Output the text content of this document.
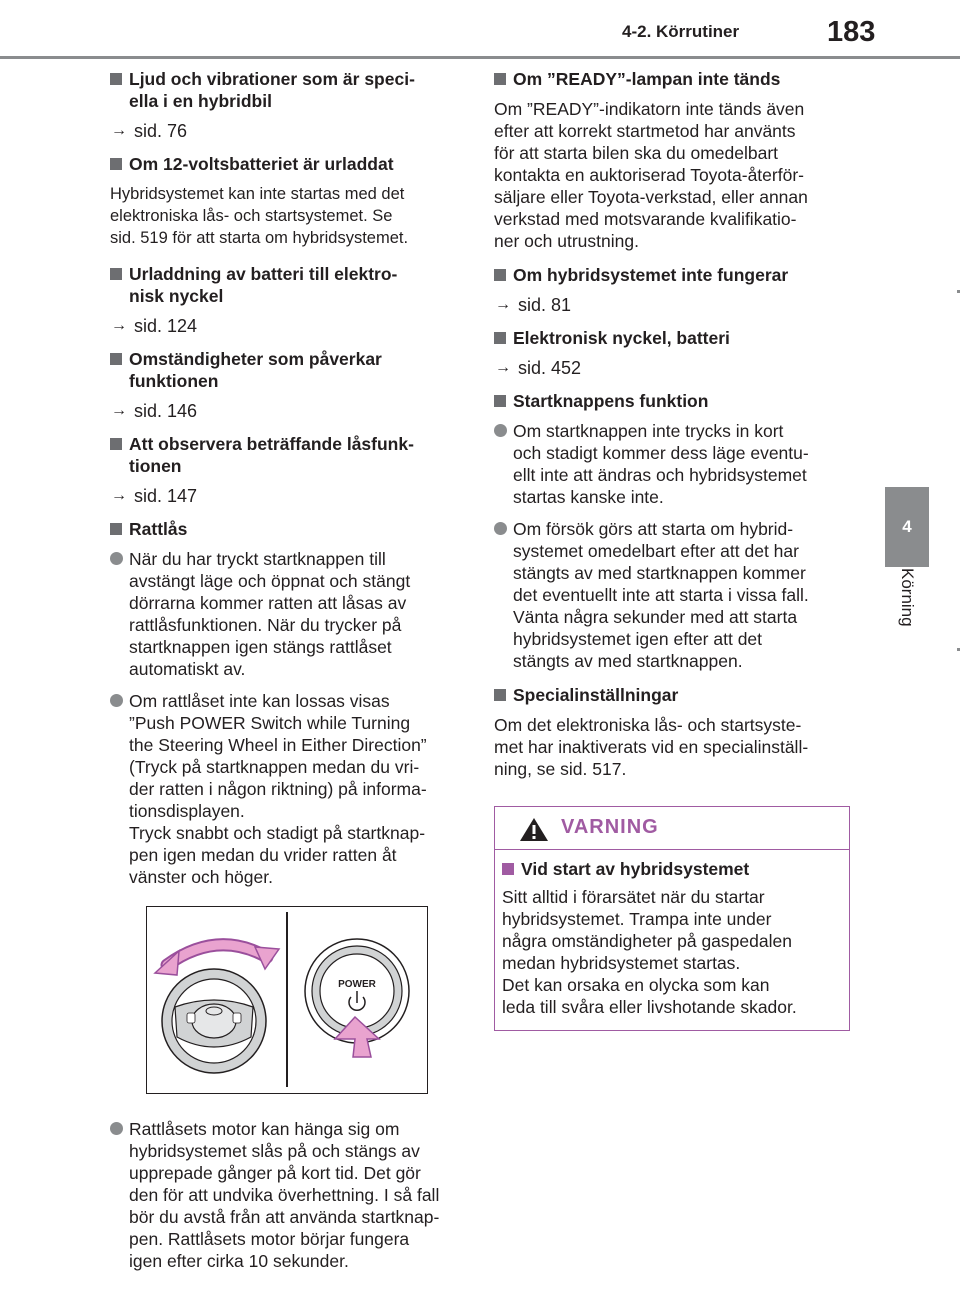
4-2. Körrutiner	183
4
Körning
Ljud och vibrationer som är speci-
ella i en hybridbil
→ sid. 76
Om 12-voltsbatteriet är urladdat
Hybridsystemet kan inte startas med det
elektroniska lås- och startsystemet. Se
sid. 519 för att starta om hybridsystemet.
Urladdning av batteri till elektro-
nisk nyckel
→ sid. 124
Omständigheter som påverkar
funktionen
→ sid. 146
Att observera beträffande låsfunk-
tionen
→ sid. 147
Rattlås
När du har tryckt startknappen till
avstängt läge och öppnat och stängt
dörrarna kommer ratten att låsas av
rattlåsfunktionen. När du trycker på
startknappen igen stängs rattlåset
automatiskt av.
Om rattlåset inte kan lossas visas
”Push POWER Switch while Turning
the Steering Wheel in Either Direction”
(Tryck på startknappen medan du vri-
der ratten i någon riktning) på informa-
tionsdisplayen.
Tryck snabbt och stadigt på startknap-
pen igen medan du vrider ratten åt
vänster och höger.
POWER
Rattlåsets motor kan hänga sig om
hybridsystemet slås på och stängs av
upprepade gånger på kort tid. Det gör
den för att undvika överhettning. I så fall
bör du avstå från att använda startknap-
pen. Rattlåsets motor börjar fungera
igen efter cirka 10 sekunder.
Om ”READY”-lampan inte tänds
Om ”READY”-indikatorn inte tänds även
efter att korrekt startmetod har använts
för att starta bilen ska du omedelbart
kontakta en auktoriserad Toyota-återför-
säljare eller Toyota-verkstad, eller annan
verkstad med motsvarande kvalifikatio-
ner och utrustning.
Om hybridsystemet inte fungerar
→ sid. 81
Elektronisk nyckel, batteri
→ sid. 452
Startknappens funktion
Om startknappen inte trycks in kort
och stadigt kommer dess läge eventu-
ellt inte att ändras och hybridsystemet
startas kanske inte.
Om försök görs att starta om hybrid-
systemet omedelbart efter att det har
stängts av med startknappen kommer
det eventuellt inte att starta i vissa fall.
Vänta några sekunder med att starta
hybridsystemet igen efter att det
stängts av med startknappen.
Specialinställningar
Om det elektroniska lås- och startsyste-
met har inaktiverats vid en specialinställ-
ning, se sid. 517.
VARNING
Vid start av hybridsystemet
Sitt alltid i förarsätet när du startar
hybridsystemet. Trampa inte under
några omständigheter på gaspedalen
medan hybridsystemet startas.
Det kan orsaka en olycka som kan
leda till svåra eller livshotande skador.
